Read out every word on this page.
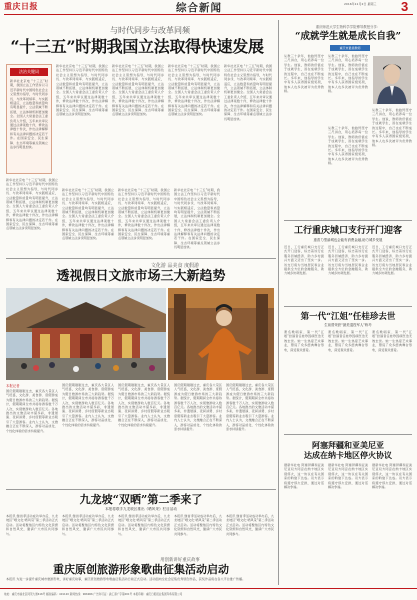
重庆日报	综合新闻	2016年11月2日 星期三 3
与时代同步与改革同频
“十三五”时期我国立法取得快速发展
法治关键词
新华社北京电 “十三五”时期，我国立法工作坚持以习近平新时代中国特色社会主义思想为指导，与时代同步伐、与改革同频率、与实践相适应，立法数量和质量均有明显提升，立法领域不断拓展，立法体制机制更加健全。全国人大常委会法工委负责人介绍，五年来共审议通过法律案数十件，修改法律数十件次，作出法律解释和有关法律问题的决定若干件。在国家安全、民生保障、生态环境等重点领域立法步伐明显加快。
新华社北京电 “十三五”时期，我国立法工作坚持以习近平新时代中国特色社会主义思想为指导，与时代同步伐、与改革同频率、与实践相适应，立法数量和质量均有明显提升，立法领域不断拓展，立法体制机制更加健全。全国人大常委会法工委负责人介绍，五年来共审议通过法律案数十件，修改法律数十件次，作出法律解释和有关法律问题的决定若干件。在国家安全、民生保障、生态环境等重点领域立法步伐明显加快。
新华社北京电 “十三五”时期，我国立法工作坚持以习近平新时代中国特色社会主义思想为指导，与时代同步伐、与改革同频率、与实践相适应，立法数量和质量均有明显提升，立法领域不断拓展，立法体制机制更加健全。全国人大常委会法工委负责人介绍，五年来共审议通过法律案数十件，修改法律数十件次，作出法律解释和有关法律问题的决定若干件。在国家安全、民生保障、生态环境等重点领域立法步伐明显加快。
新华社北京电 “十三五”时期，我国立法工作坚持以习近平新时代中国特色社会主义思想为指导，与时代同步伐、与改革同频率、与实践相适应，立法数量和质量均有明显提升，立法领域不断拓展，立法体制机制更加健全。全国人大常委会法工委负责人介绍，五年来共审议通过法律案数十件，修改法律数十件次，作出法律解释和有关法律问题的决定若干件。在国家安全、民生保障、生态环境等重点领域立法步伐明显加快。
新华社北京电 “十三五”时期，我国立法工作坚持以习近平新时代中国特色社会主义思想为指导，与时代同步伐、与改革同频率、与实践相适应，立法数量和质量均有明显提升，立法领域不断拓展，立法体制机制更加健全。全国人大常委会法工委负责人介绍，五年来共审议通过法律案数十件，修改法律数十件次，作出法律解释和有关法律问题的决定若干件。在国家安全、民生保障、生态环境等重点领域立法步伐明显加快。
新华社北京电 “十三五”时期，我国立法工作坚持以习近平新时代中国特色社会主义思想为指导，与时代同步伐、与改革同频率、与实践相适应，立法数量和质量均有明显提升，立法领域不断拓展，立法体制机制更加健全。全国人大常委会法工委负责人介绍，五年来共审议通过法律案数十件，修改法律数十件次，作出法律解释和有关法律问题的决定若干件。在国家安全、民生保障、生态环境等重点领域立法步伐明显加快。
新华社北京电 “十三五”时期，我国立法工作坚持以习近平新时代中国特色社会主义思想为指导，与时代同步伐、与改革同频率、与实践相适应，立法数量和质量均有明显提升，立法领域不断拓展，立法体制机制更加健全。全国人大常委会法工委负责人介绍，五年来共审议通过法律案数十件，修改法律数十件次，作出法律解释和有关法律问题的决定若干件。在国家安全、民生保障、生态环境等重点领域立法步伐明显加快。
新华社北京电 “十三五”时期，我国立法工作坚持以习近平新时代中国特色社会主义思想为指导，与时代同步伐、与改革同频率、与实践相适应，立法数量和质量均有明显提升，立法领域不断拓展，立法体制机制更加健全。全国人大常委会法工委负责人介绍，五年来共审议通过法律案数十件，修改法律数十件次，作出法律解释和有关法律问题的决定若干件。在国家安全、民生保障、生态环境等重点领域立法步伐明显加快。
新华社北京电 “十三五”时期，我国立法工作坚持以习近平新时代中国特色社会主义思想为指导，与时代同步伐、与改革同频率、与实践相适应，立法数量和质量均有明显提升，立法领域不断拓展，立法体制机制更加健全。全国人大常委会法工委负责人介绍，五年来共审议通过法律案数十件，修改法律数十件次，作出法律解释和有关法律问题的决定若干件。在国家安全、民生保障、生态环境等重点领域立法步伐明显加快。
重庆师范大学生物科学学院博导教授分享：
“成就学生就是成长自我”
重庆市最美教师
从教三十余年，他始终坚守三尺讲台，用心培养每一位学生。他说，教师的价值在于成就学生，而在成就学生的过程中，自己也在不断成长。多年来，他指导的学生中有多人获得国家级奖项，他本人也多次被评为优秀教师。
从教三十余年，他始终坚守三尺讲台，用心培养每一位学生。他说，教师的价值在于成就学生，而在成就学生的过程中，自己也在不断成长。多年来，他指导的学生中有多人获得国家级奖项，他本人也多次被评为优秀教师。
从教三十余年，他始终坚守三尺讲台，用心培养每一位学生。他说，教师的价值在于成就学生，而在成就学生的过程中，自己也在不断成长。多年来，他指导的学生中有多人获得国家级奖项，他本人也多次被评为优秀教师。
从教三十余年，他始终坚守三尺讲台，用心培养每一位学生。他说，教师的价值在于成就学生，而在成就学生的过程中，自己也在不断成长。多年来，他指导的学生中有多人获得国家级奖项，他本人也多次被评为优秀教师。
工行重庆城口支行开门迎客
惠普力型渝城也会能有消费金融,助力城乡发展
近日，工行重庆城口支行正式开门迎客，标志着该行在服务县域经济、助力乡村振兴方面又迈出了坚实一步。该支行将为当地居民和企业提供全方位的金融服务，助力城乡协调发展。
近日，工行重庆城口支行正式开门迎客，标志着该行在服务县域经济、助力乡村振兴方面又迈出了坚实一步。该支行将为当地居民和企业提供全方位的金融服务，助力城乡协调发展。
近日，工行重庆城口支行正式开门迎客，标志着该行在服务县域经济、助力乡村振兴方面又迈出了坚实一步。该支行将为当地居民和企业提供全方位的金融服务，助力城乡协调发展。
第一代“江姐”任桂珍去世
生前曾荣获“最美退役军人”称号
著名歌唱家、第一代“江姐”扮演者任桂珍因病医治无效去世。她一生热爱艺术事业，塑造了众多经典舞台形象，深受观众喜爱。
著名歌唱家、第一代“江姐”扮演者任桂珍因病医治无效去世。她一生热爱艺术事业，塑造了众多经典舞台形象，深受观众喜爱。
著名歌唱家、第一代“江姐”扮演者任桂珍因病医治无效去世。她一生热爱艺术事业，塑造了众多经典舞台形象，深受观众喜爱。
阿塞拜疆和亚美尼亚
达成在纳卡地区停火协议
据新华社电 阿塞拜疆和亚美尼亚双方同意在纳卡地区实现停火，这一协议在有关国家的斡旋下达成。双方表示将遵守停火安排，通过对话解决争端。
据新华社电 阿塞拜疆和亚美尼亚双方同意在纳卡地区实现停火，这一协议在有关国家的斡旋下达成。双方表示将遵守停火安排，通过对话解决争端。
据新华社电 阿塞拜疆和亚美尼亚双方同意在纳卡地区实现停火，这一协议在有关国家的斡旋下达成。双方表示将遵守停火安排，通过对话解决争端。
文化游 品美食 度假游
透视假日文旅市场三大新趋势
本报记者
国庆假期刚刚过去，重庆各大景区人气旺盛，文化游、美食游、度假游成为假日旅游市场的三大新趋势。据统计，假期期间全市共接待游客数千万人次，实现旅游收入数百亿元。各地推出的文旅活动丰富多彩，非遗展演、夜间消费、乡村度假等新业态吸引了大量游客。业内人士认为，文旅融合正在不断深入，游客对品质化、个性化体验的需求持续提升。
国庆假期刚刚过去，重庆各大景区人气旺盛，文化游、美食游、度假游成为假日旅游市场的三大新趋势。据统计，假期期间全市共接待游客数千万人次，实现旅游收入数百亿元。各地推出的文旅活动丰富多彩，非遗展演、夜间消费、乡村度假等新业态吸引了大量游客。业内人士认为，文旅融合正在不断深入，游客对品质化、个性化体验的需求持续提升。
国庆假期刚刚过去，重庆各大景区人气旺盛，文化游、美食游、度假游成为假日旅游市场的三大新趋势。据统计，假期期间全市共接待游客数千万人次，实现旅游收入数百亿元。各地推出的文旅活动丰富多彩，非遗展演、夜间消费、乡村度假等新业态吸引了大量游客。业内人士认为，文旅融合正在不断深入，游客对品质化、个性化体验的需求持续提升。
国庆假期刚刚过去，重庆各大景区人气旺盛，文化游、美食游、度假游成为假日旅游市场的三大新趋势。据统计，假期期间全市共接待游客数千万人次，实现旅游收入数百亿元。各地推出的文旅活动丰富多彩，非遗展演、夜间消费、乡村度假等新业态吸引了大量游客。业内人士认为，文旅融合正在不断深入，游客对品质化、个性化体验的需求持续提升。
国庆假期刚刚过去，重庆各大景区人气旺盛，文化游、美食游、度假游成为假日旅游市场的三大新趋势。据统计，假期期间全市共接待游客数千万人次，实现旅游收入数百亿元。各地推出的文旅活动丰富多彩，非遗展演、夜间消费、乡村度假等新业态吸引了大量游客。业内人士认为，文旅融合正在不断深入，游客对品质化、个性化体验的需求持续提升。
九龙坡“双晒”第二季来了
本报将联手九龙坡区推出《晒风采》栏目活动
本报讯 继首季活动成功举办后，九龙坡区“晒文化·晒风景”第二季活动正式启动。活动将聚焦区内特色文化资源和自然风光，邀请广大市民共同参与。
本报讯 继首季活动成功举办后，九龙坡区“晒文化·晒风景”第二季活动正式启动。活动将聚焦区内特色文化资源和自然风光，邀请广大市民共同参与。
本报讯 继首季活动成功举办后，九龙坡区“晒文化·晒风景”第二季活动正式启动。活动将聚焦区内特色文化资源和自然风光，邀请广大市民共同参与。
本报讯 继首季活动成功举办后，九龙坡区“晒文化·晒风景”第二季活动正式启动。活动将聚焦区内特色文化资源和自然风光，邀请广大市民共同参与。
本报讯 继首季活动成功举办后，九龙坡区“晒文化·晒风景”第二季活动正式启动。活动将聚焦区内特色文化资源和自然风光，邀请广大市民共同参与。
用创新讲好重庆故事
重庆原创旅游形象歌曲征集活动启动
本报讯 为进一步提升重庆城市旅游形象，讲好重庆故事，重庆原创旅游形象歌曲征集活动日前正式启动。活动面向全社会征集优秀原创作品，获奖作品将在各大平台推广传播。
地址：重庆市渝北区同茂大道416号 邮政编码：401120 新闻热线：966966 广告许可证：渝工商广字第001号 本报印刷：重庆日报报业集团印务有限公司
